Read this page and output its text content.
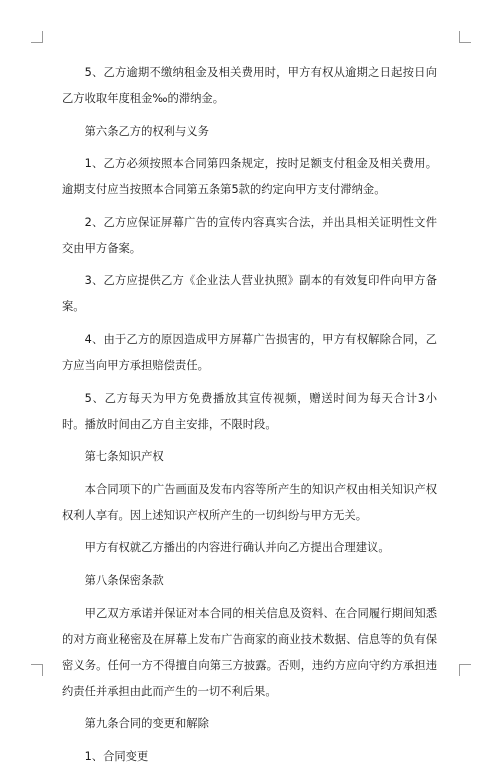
5、乙方逾期不缴纳租金及相关费用时，甲方有权从逾期之日起按日向乙方收取年度租金‰的滞纳金。

第六条乙方的权利与义务

1、乙方必须按照本合同第四条规定，按时足额支付租金及相关费用。逾期支付应当按照本合同第五条第5款的约定向甲方支付滞纳金。

2、乙方应保证屏幕广告的宣传内容真实合法，并出具相关证明性文件交由甲方备案。

3、乙方应提供乙方《企业法人营业执照》副本的有效复印件向甲方备案。

4、由于乙方的原因造成甲方屏幕广告损害的，甲方有权解除合同，乙方应当向甲方承担赔偿责任。

5、乙方每天为甲方免费播放其宣传视频，赠送时间为每天合计3小时。播放时间由乙方自主安排，不限时段。

第七条知识产权

本合同项下的广告画面及发布内容等所产生的知识产权由相关知识产权权利人享有。因上述知识产权所产生的一切纠纷与甲方无关。

甲方有权就乙方播出的内容进行确认并向乙方提出合理建议。

第八条保密条款

甲乙双方承诺并保证对本合同的相关信息及资料、在合同履行期间知悉的对方商业秘密及在屏幕上发布广告商家的商业技术数据、信息等的负有保密义务。任何一方不得擅自向第三方披露。否则，违约方应向守约方承担违约责任并承担由此而产生的一切不利后果。

第九条合同的变更和解除

1、合同变更
